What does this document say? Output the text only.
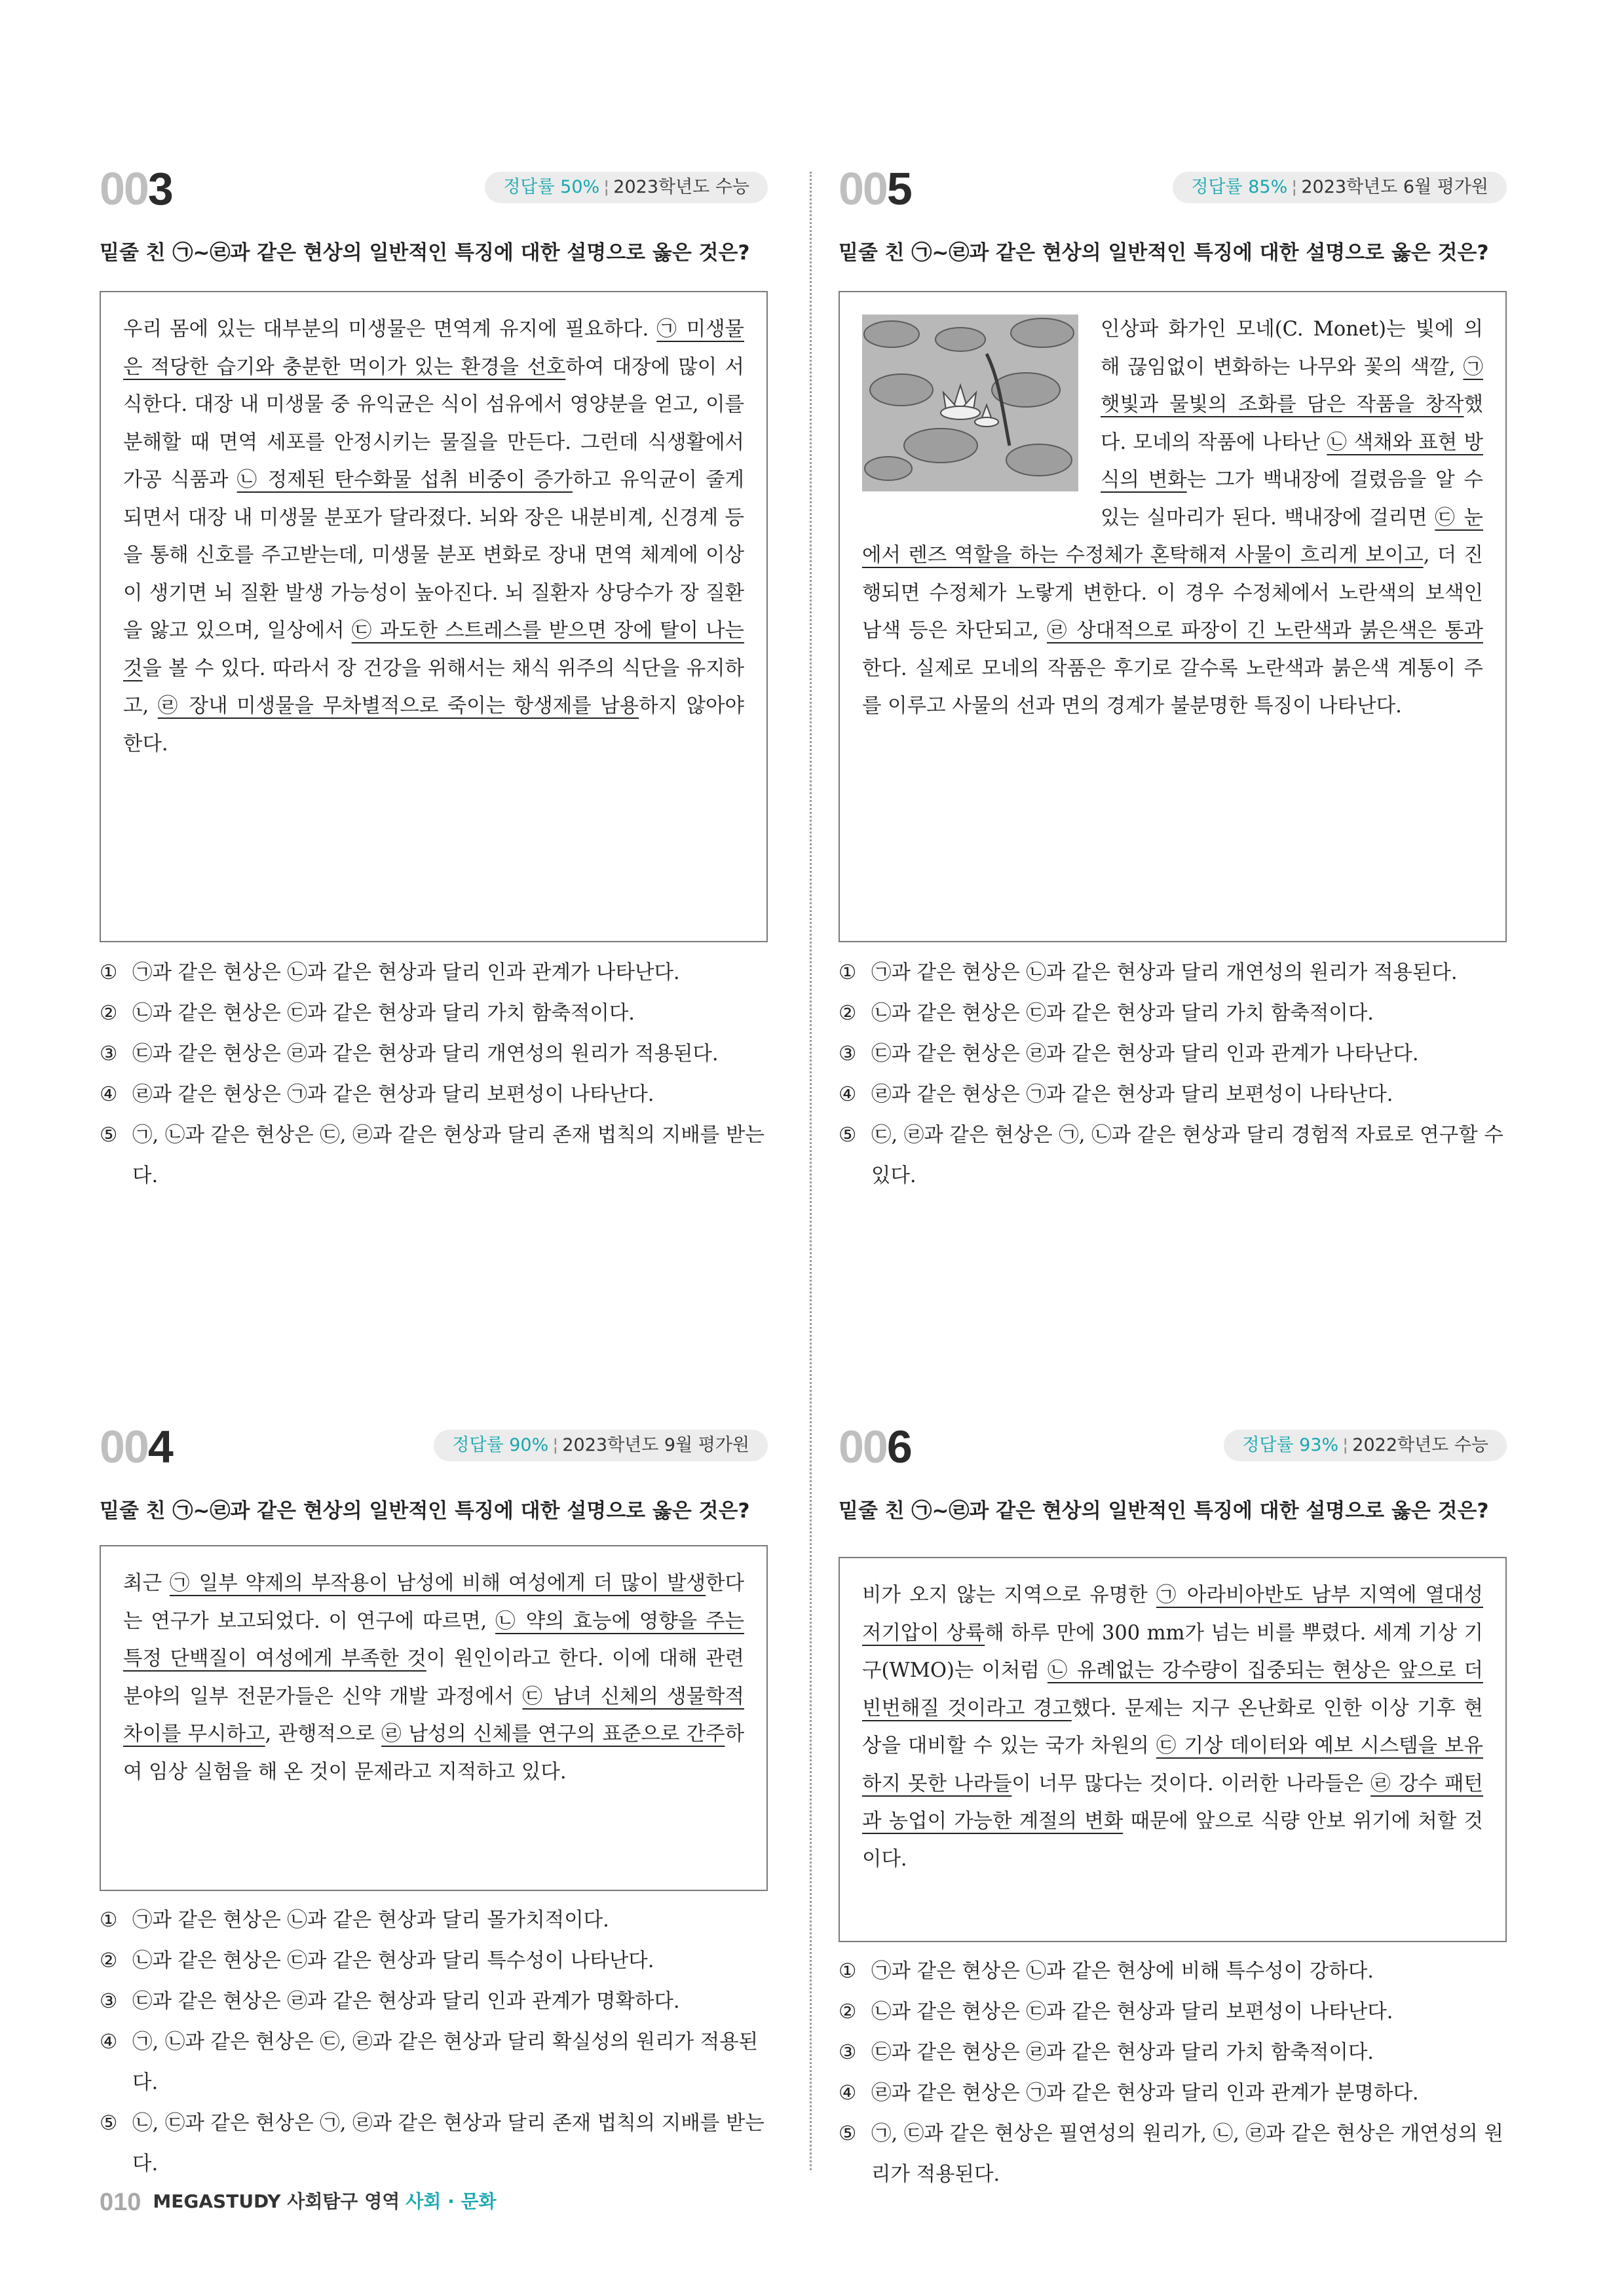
003	정답률 50% ¦ 2023학년도 수능
밑줄 친 ㉠~㉣과 같은 현상의 일반적인 특징에 대한 설명으로 옳은 것은?

우리 몸에 있는 대부분의 미생물은 면역계 유지에 필요하다. ㉠ 미생물은 적당한 습기와 충분한 먹이가 있는 환경을 선호하여 대장에 많이 서식한다. 대장 내 미생물 중 유익균은 식이 섬유에서 영양분을 얻고, 이를 분해할 때 면역 세포를 안정시키는 물질을 만든다. 그런데 식생활에서 가공 식품과 ㉡ 정제된 탄수화물 섭취 비중이 증가하고 유익균이 줄게 되면서 대장 내 미생물 분포가 달라졌다. 뇌와 장은 내분비계, 신경계 등을 통해 신호를 주고받는데, 미생물 분포 변화로 장내 면역 체계에 이상이 생기면 뇌 질환 발생 가능성이 높아진다. 뇌 질환자 상당수가 장 질환을 앓고 있으며, 일상에서 ㉢ 과도한 스트레스를 받으면 장에 탈이 나는 것을 볼 수 있다. 따라서 장 건강을 위해서는 채식 위주의 식단을 유지하고, ㉣ 장내 미생물을 무차별적으로 죽이는 항생제를 남용하지 않아야 한다.

① ㉠과 같은 현상은 ㉡과 같은 현상과 달리 인과 관계가 나타난다.
② ㉡과 같은 현상은 ㉢과 같은 현상과 달리 가치 함축적이다.
③ ㉢과 같은 현상은 ㉣과 같은 현상과 달리 개연성의 원리가 적용된다.
④ ㉣과 같은 현상은 ㉠과 같은 현상과 달리 보편성이 나타난다.
⑤ ㉠, ㉡과 같은 현상은 ㉢, ㉣과 같은 현상과 달리 존재 법칙의 지배를 받는다.
004	정답률 90% ¦ 2023학년도 9월 평가원
밑줄 친 ㉠~㉣과 같은 현상의 일반적인 특징에 대한 설명으로 옳은 것은?

최근 ㉠ 일부 약제의 부작용이 남성에 비해 여성에게 더 많이 발생한다는 연구가 보고되었다. 이 연구에 따르면, ㉡ 약의 효능에 영향을 주는 특정 단백질이 여성에게 부족한 것이 원인이라고 한다. 이에 대해 관련 분야의 일부 전문가들은 신약 개발 과정에서 ㉢ 남녀 신체의 생물학적 차이를 무시하고, 관행적으로 ㉣ 남성의 신체를 연구의 표준으로 간주하여 임상 실험을 해 온 것이 문제라고 지적하고 있다.

① ㉠과 같은 현상은 ㉡과 같은 현상과 달리 몰가치적이다.
② ㉡과 같은 현상은 ㉢과 같은 현상과 달리 특수성이 나타난다.
③ ㉢과 같은 현상은 ㉣과 같은 현상과 달리 인과 관계가 명확하다.
④ ㉠, ㉡과 같은 현상은 ㉢, ㉣과 같은 현상과 달리 확실성의 원리가 적용된다.
⑤ ㉡, ㉢과 같은 현상은 ㉠, ㉣과 같은 현상과 달리 존재 법칙의 지배를 받는다.
005	정답률 85% ¦ 2023학년도 6월 평가원
밑줄 친 ㉠~㉣과 같은 현상의 일반적인 특징에 대한 설명으로 옳은 것은?

인상파 화가인 모네(C. Monet)는 빛에 의해 끊임없이 변화하는 나무와 꽃의 색깔, ㉠ 햇빛과 물빛의 조화를 담은 작품을 창작했다. 모네의 작품에 나타난 ㉡ 색채와 표현 방식의 변화는 그가 백내장에 걸렸음을 알 수 있는 실마리가 된다. 백내장에 걸리면 ㉢ 눈에서 렌즈 역할을 하는 수정체가 혼탁해져 사물이 흐리게 보이고, 더 진행되면 수정체가 노랗게 변한다. 이 경우 수정체에서 노란색의 보색인 남색 등은 차단되고, ㉣ 상대적으로 파장이 긴 노란색과 붉은색은 통과한다. 실제로 모네의 작품은 후기로 갈수록 노란색과 붉은색 계통이 주를 이루고 사물의 선과 면의 경계가 불분명한 특징이 나타난다.

① ㉠과 같은 현상은 ㉡과 같은 현상과 달리 개연성의 원리가 적용된다.
② ㉡과 같은 현상은 ㉢과 같은 현상과 달리 가치 함축적이다.
③ ㉢과 같은 현상은 ㉣과 같은 현상과 달리 인과 관계가 나타난다.
④ ㉣과 같은 현상은 ㉠과 같은 현상과 달리 보편성이 나타난다.
⑤ ㉢, ㉣과 같은 현상은 ㉠, ㉡과 같은 현상과 달리 경험적 자료로 연구할 수 있다.
006	정답률 93% ¦ 2022학년도 수능
밑줄 친 ㉠~㉣과 같은 현상의 일반적인 특징에 대한 설명으로 옳은 것은?

비가 오지 않는 지역으로 유명한 ㉠ 아라비아반도 남부 지역에 열대성 저기압이 상륙해 하루 만에 300 mm가 넘는 비를 뿌렸다. 세계 기상 기구(WMO)는 이처럼 ㉡ 유례없는 강수량이 집중되는 현상은 앞으로 더 빈번해질 것이라고 경고했다. 문제는 지구 온난화로 인한 이상 기후 현상을 대비할 수 있는 국가 차원의 ㉢ 기상 데이터와 예보 시스템을 보유하지 못한 나라들이 너무 많다는 것이다. 이러한 나라들은 ㉣ 강수 패턴과 농업이 가능한 계절의 변화 때문에 앞으로 식량 안보 위기에 처할 것이다.

① ㉠과 같은 현상은 ㉡과 같은 현상에 비해 특수성이 강하다.
② ㉡과 같은 현상은 ㉢과 같은 현상과 달리 보편성이 나타난다.
③ ㉢과 같은 현상은 ㉣과 같은 현상과 달리 가치 함축적이다.
④ ㉣과 같은 현상은 ㉠과 같은 현상과 달리 인과 관계가 분명하다.
⑤ ㉠, ㉢과 같은 현상은 필연성의 원리가, ㉡, ㉣과 같은 현상은 개연성의 원리가 적용된다.
010 MEGASTUDY 사회탐구 영역 사회 · 문화
